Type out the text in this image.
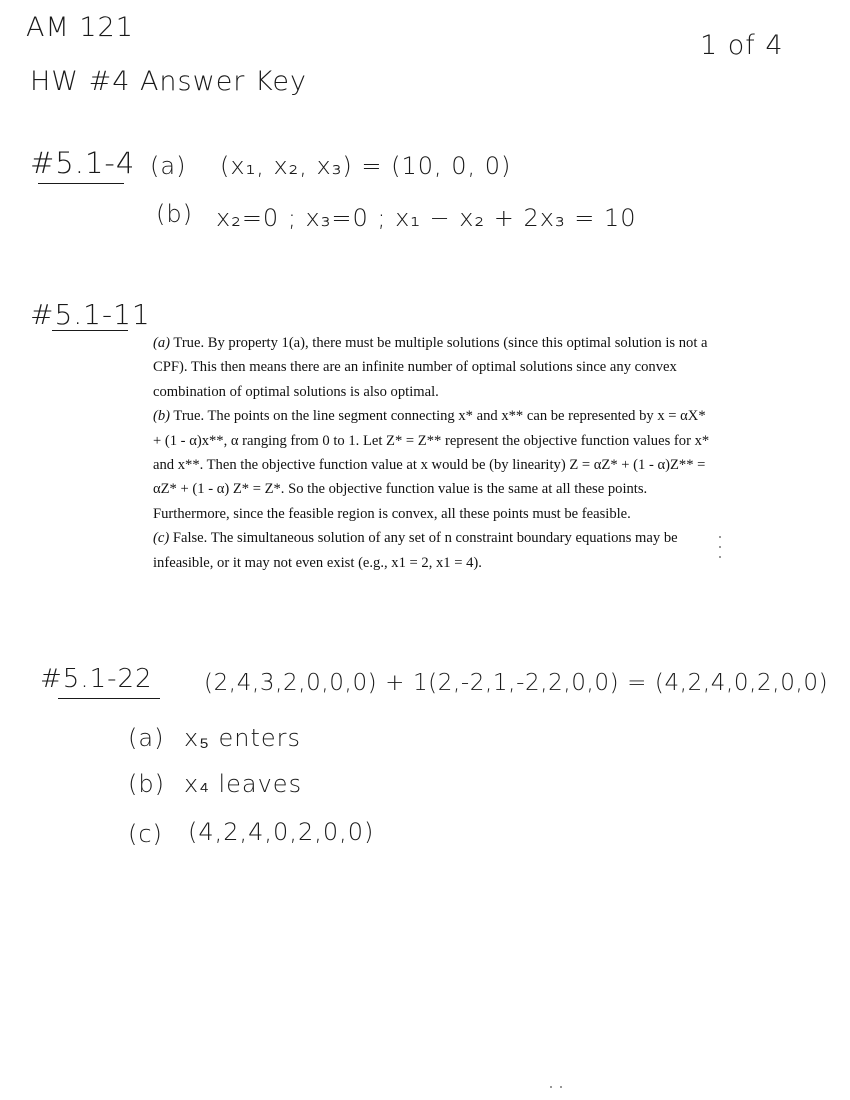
AM 121
HW #4 Answer Key
1 of 4
#5.1-4 (a) (x₁, x₂, x₃) = (10, 0, 0)
(b) x₂=0 ; x₃=0 ; x₁ − x₂ + 2x₃ = 10
#5.1-11

(a) True. By property 1(a), there must be multiple solutions (since this optimal solution is not a CPF). This then means there are an infinite number of optimal solutions since any convex combination of optimal solutions is also optimal.

(b) True. The points on the line segment connecting x* and x** can be represented by x = αX* + (1 - α)x**, α ranging from 0 to 1. Let Z* = Z** represent the objective function values for x* and x**. Then the objective function value at x would be (by linearity) Z = αZ* + (1 - α)Z** = αZ* + (1 - α) Z* = Z*. So the objective function value is the same at all these points. Furthermore, since the feasible region is convex, all these points must be feasible.

(c) False. The simultaneous solution of any set of n constraint boundary equations may be infeasible, or it may not even exist (e.g., x1 = 2, x1 = 4).

#5.1-22 (2,4,3,2,0,0,0) + 1(2,-2,1,-2,2,0,0) = (4,2,4,0,2,0,0)
(a) x₅ enters
(b) x₄ leaves
(c) (4,2,4,0,2,0,0)
